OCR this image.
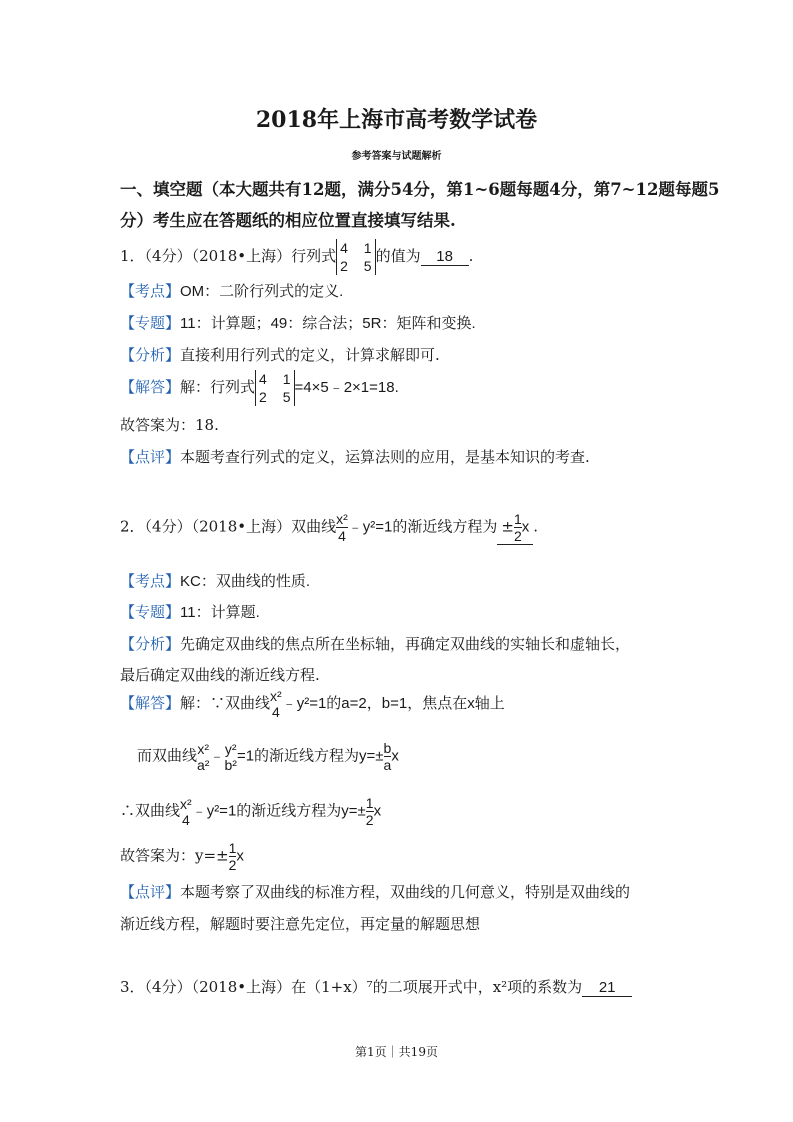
2018年上海市高考数学试卷
参考答案与试题解析
一、填空题（本大题共有12题，满分54分，第1~6题每题4分，第7~12题每题5
分）考生应在答题纸的相应位置直接填写结果.
1．（4分）（2018•上海）行列式 4 1
2 5
的值为 18 .
【考点】OM：二阶行列式的定义.
【专题】11：计算题；49：综合法；5R：矩阵和变换.
【分析】直接利用行列式的定义，计算求解即可.
【解答】解：行列式 4 1
2 5
=4×5﹣2×1=18.
故答案为：18.
【点评】本题考查行列式的定义，运算法则的应用，是基本知识的考查.
2．（4分）（2018•上海）双曲线 $\frac{\text{x²}}{4}$ ﹣y²=1的渐近线方程为 ± $\frac{1}{2}$ x .
【考点】KC：双曲线的性质.
【专题】11：计算题.
【分析】先确定双曲线的焦点所在坐标轴，再确定双曲线的实轴长和虚轴长，
最后确定双曲线的渐近线方程.
【解答】解：∵双曲线 x²
4 ﹣y²=1的a=2，b=1，焦点在x轴上
而双曲线 x²
a² ﹣ y²
b² =1的渐近线方程为$y=\pm \frac{b}{a}$ x
∴双曲线 x²
4 ﹣y²=1的渐近线方程为$y=\pm \frac{1}{2}$ x
故答案为：$y=\pm \frac{1}{2}$ x
【点评】本题考察了双曲线的标准方程，双曲线的几何意义，特别是双曲线的
渐近线方程，解题时要注意先定位，再定量的解题思想
3．（4分）（2018•上海）在（1+x）⁷的二项展开式中，x²项的系数为 21
第1页｜共19页
